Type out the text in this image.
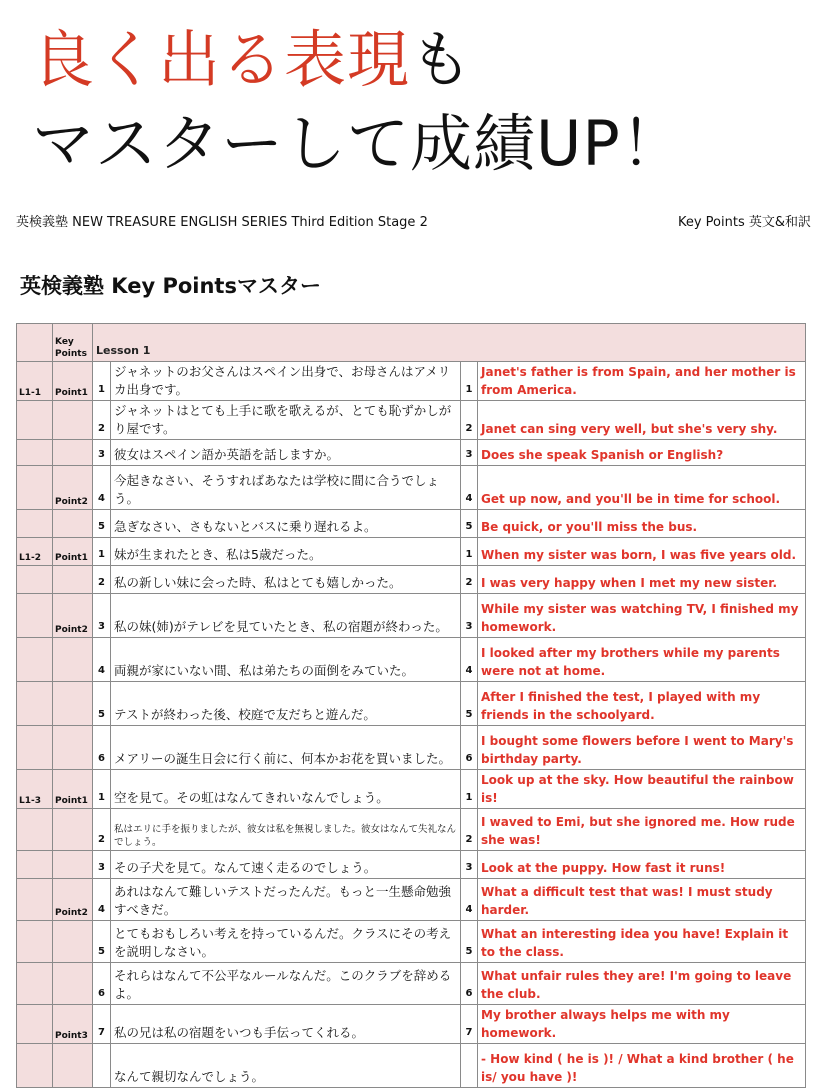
良く出る表現も
マスターして成績UP！
英検義塾 NEW TREASURE ENGLISH SERIES Third Edition Stage 2	Key Points 英文&和訳
英検義塾 Key Pointsマスター
	Key Points	Lesson 1			
L1-1	Point1	1	ジャネットのお父さんはスペイン出身で、お母さんはアメリカ出身です。	1	Janet's father is from Spain, and her mother is from America.
		2	ジャネットはとても上手に歌を歌えるが、とても恥ずかしがり屋です。	2	Janet can sing very well, but she's very shy.
		3	彼女はスペイン語か英語を話しますか。	3	Does she speak Spanish or English?
	Point2	4	今起きなさい、そうすればあなたは学校に間に合うでしょう。	4	Get up now, and you'll be in time for school.
		5	急ぎなさい、さもないとバスに乗り遅れるよ。	5	Be quick, or you'll miss the bus.
L1-2	Point1	1	妹が生まれたとき、私は5歳だった。	1	When my sister was born, I was five years old.
		2	私の新しい妹に会った時、私はとても嬉しかった。	2	I was very happy when I met my new sister.
	Point2	3	私の妹(姉)がテレビを見ていたとき、私の宿題が終わった。	3	While my sister was watching TV, I finished my homework.
		4	両親が家にいない間、私は弟たちの面倒をみていた。	4	I looked after my brothers while my parents were not at home.
		5	テストが終わった後、校庭で友だちと遊んだ。	5	After I finished the test, I played with my friends in the schoolyard.
		6	メアリーの誕生日会に行く前に、何本かお花を買いました。	6	I bought some flowers before I went to Mary's birthday party.
L1-3	Point1	1	空を見て。その虹はなんてきれいなんでしょう。	1	Look up at the sky. How beautiful the rainbow is!
		2	私はエリに手を振りましたが、彼女は私を無視しました。彼女はなんて失礼なんでしょう。	2	I waved to Emi, but she ignored me. How rude she was!
		3	その子犬を見て。なんて速く走るのでしょう。	3	Look at the puppy. How fast it runs!
	Point2	4	あれはなんて難しいテストだったんだ。もっと一生懸命勉強すべきだ。	4	What a difficult test that was! I must study harder.
		5	とてもおもしろい考えを持っているんだ。クラスにその考えを説明しなさい。	5	What an interesting idea you have! Explain it to the class.
		6	それらはなんて不公平なルールなんだ。このクラブを辞めるよ。	6	What unfair rules they are! I'm going to leave the club.
	Point3	7	私の兄は私の宿題をいつも手伝ってくれる。	7	My brother always helps me with my homework.
			なんて親切なんでしょう。		- How kind ( he is )! / What a kind brother ( he is/ you have )!
